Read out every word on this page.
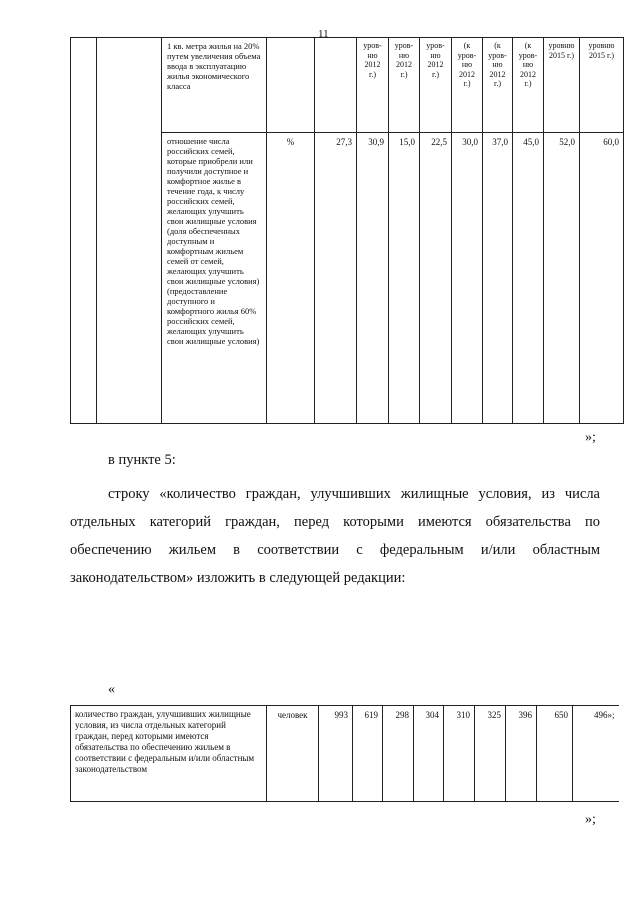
11
		1 кв. метра жилья на 20% путем увеличения объема ввода в эксплуатацию жилья экономического класса			уров-
ню
2012
г.)	уров-
ню
2012
г.)	уров-
ню
2012
г.)	(к
уров-
ню
2012
г.)	(к
уров-
ню
2012
г.)	(к
уров-
ню
2012
г.)	уровню
2015 г.)	уровню
2015 г.)
		отношение числа российских семей, которые приобрели или получили доступное и комфортное жилье в течение года, к числу российских семей, желающих улучшить свои жилищные условия (доля обеспеченных доступным и комфортным жильем семей от семей, желающих улучшить свои жилищные условия) (предоставление доступного и комфортного жилья 60% российских семей, желающих улучшить свои жилищные условия)	%	27,3	30,9	15,0	22,5	30,0	37,0	45,0	52,0	60,0
»;
в пункте 5:
строку «количество граждан, улучшивших жилищные условия, из числа отдельных категорий граждан, перед которыми имеются обязательства по обеспечению жильем в соответствии с федеральным и/или областным законодательством» изложить в следующей редакции:
«
количество граждан, улучшивших жилищные условия, из числа отдельных категорий граждан, перед которыми имеются обязательства по обеспечению жильем в соответствии с федеральным и/или областным законодательством	человек	993	619	298	304	310	325	396	650	496»;
»;
